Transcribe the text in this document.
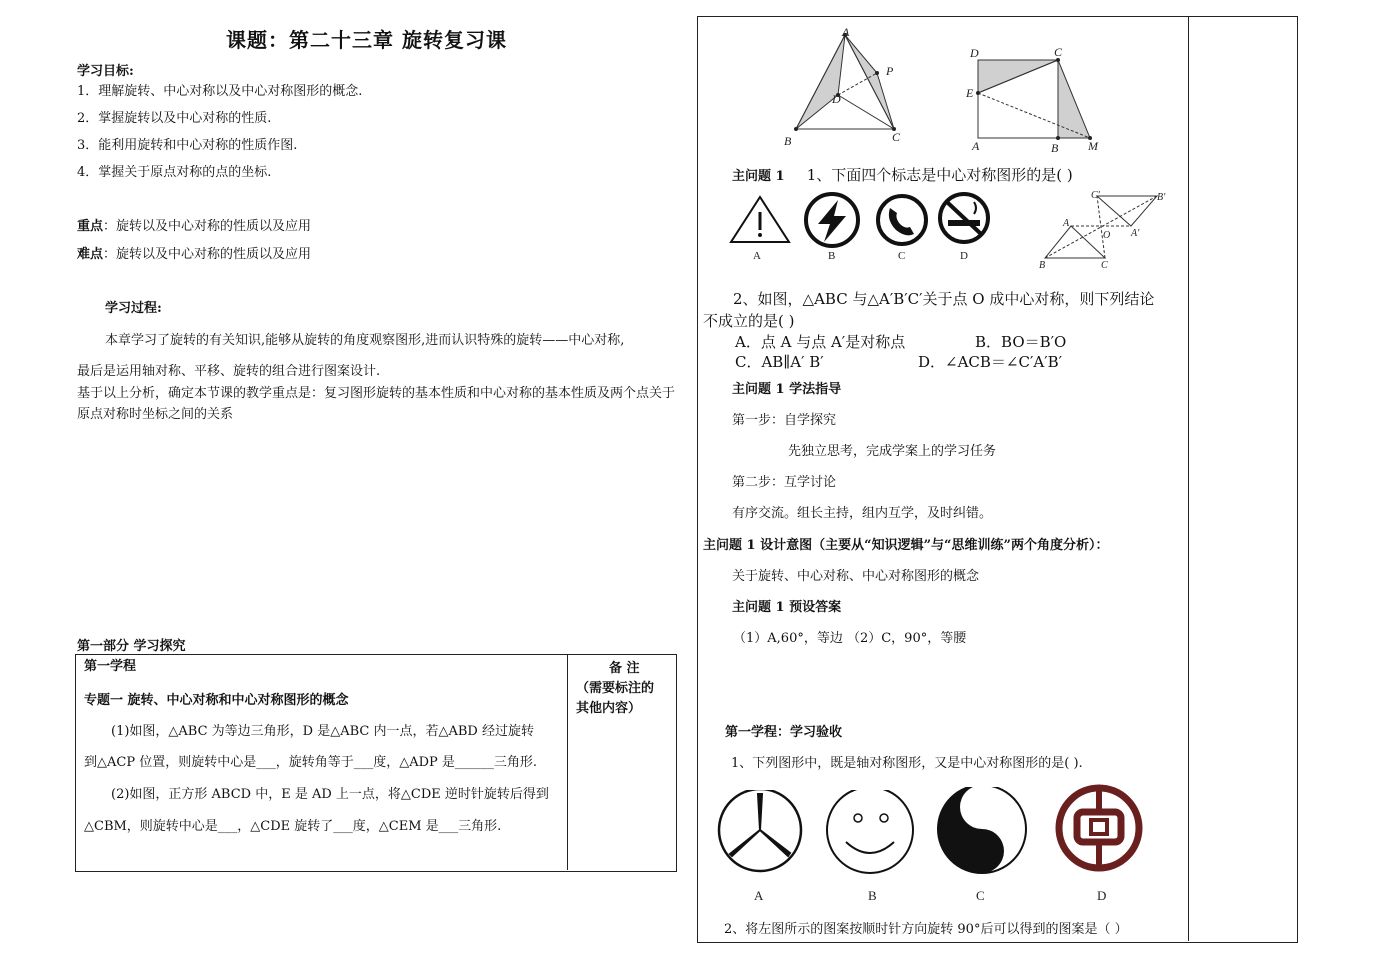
课题：第二十三章 旋转复习课
学习目标:
1．理解旋转、中心对称以及中心对称图形的概念.
2．掌握旋转以及中心对称的性质.
3．能利用旋转和中心对称的性质作图.
4．掌握关于原点对称的点的坐标.
重点：旋转以及中心对称的性质以及应用
难点：旋转以及中心对称的性质以及应用
学习过程:
本章学习了旋转的有关知识,能够从旋转的角度观察图形,进而认识特殊的旋转——中心对称,
最后是运用轴对称、平移、旋转的组合进行图案设计.
基于以上分析，确定本节课的教学重点是：复习图形旋转的基本性质和中心对称的基本性质及两个点关于原点对称时坐标之间的关系
第一部分 学习探究
第一学程
专题一 旋转、中心对称和中心对称图形的概念
(1)如图，△ABC 为等边三角形，D 是△ABC 内一点，若△ABD 经过旋转
到△ACP 位置，则旋转中心是___，旋转角等于___度，△ADP 是______三角形.
(2)如图，正方形 ABCD 中，E 是 AD 上一点，将△CDE 逆时针旋转后得到
△CBM，则旋转中心是___，△CDE 旋转了___度，△CEM 是___三角形.
备 注
（需要标注的
其他内容）
A
P
D
B	C
D	C
E
A	B M
主问题 1 1、下面四个标志是中心对称图形的是( )
A	B	C	D
C'	B'
A
O A'
B	C
2、如图，△ABC 与△A′B′C′关于点 O 成中心对称，则下列结论
不成立的是( )
A．点 A 与点 A′是对称点	B．BO＝B′O
C．AB∥A′ B′	D．∠ACB＝∠C′A′B′
主问题 1 学法指导
第一步：自学探究
先独立思考，完成学案上的学习任务
第二步：互学讨论
有序交流。组长主持，组内互学，及时纠错。
主问题 1 设计意图（主要从“知识逻辑”与“思维训练”两个角度分析）：
关于旋转、中心对称、中心对称图形的概念
主问题 1 预设答案
（1）A,60°，等边 （2）C，90°，等腰
第一学程：学习验收
1、下列图形中，既是轴对称图形，又是中心对称图形的是( ).
A	B	C	D
2、将左图所示的图案按顺时针方向旋转 90°后可以得到的图案是（ ）
